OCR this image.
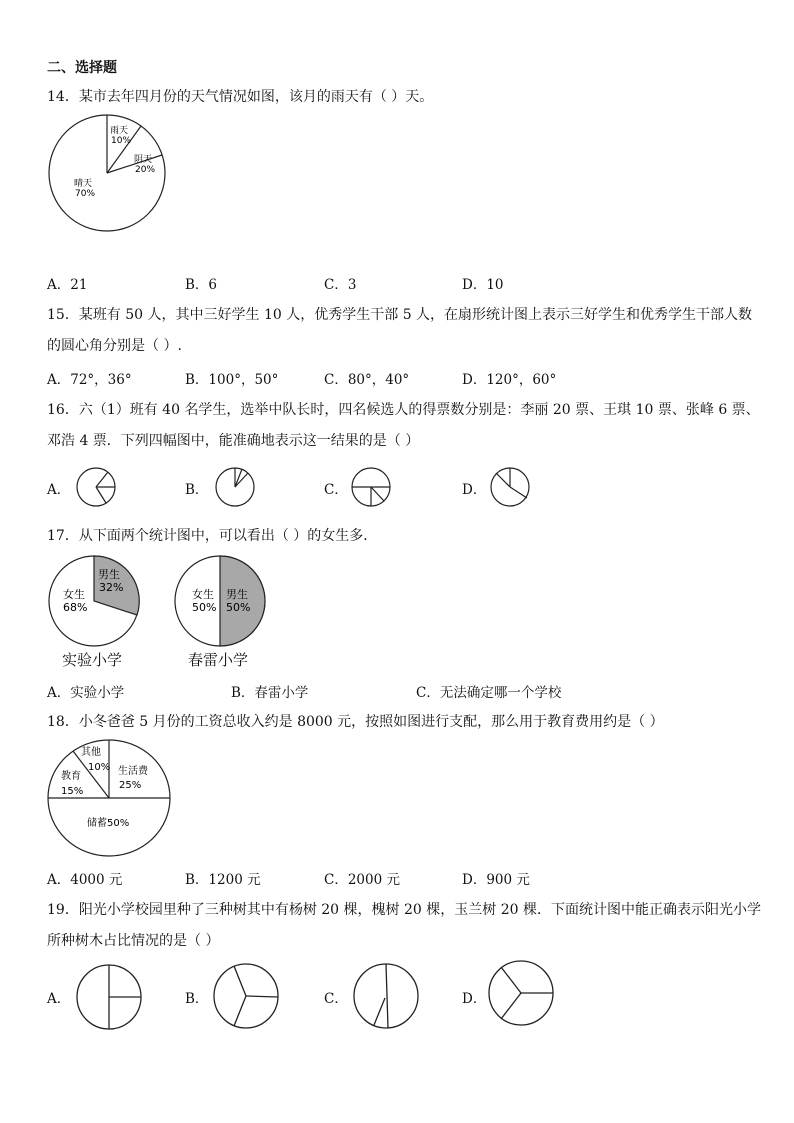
二、选择题
14．某市去年四月份的天气情况如图，该月的雨天有（ ）天。
雨天
10%
阴天
20%
晴天
70%
A．21	B．6	C．3	D．10
15．某班有 50 人，其中三好学生 10 人，优秀学生干部 5 人，在扇形统计图上表示三好学生和优秀学生干部人数
的圆心角分别是（ ）.
A．72°，36°	B．100°，50°	C．80°，40°	D．120°，60°
16．六（1）班有 40 名学生，选举中队长时，四名候选人的得票数分别是：李丽 20 票、王琪 10 票、张峰 6 票、
邓浩 4 票．下列四幅图中，能准确地表示这一结果的是（ ）
A．	B．	C．	D．
17．从下面两个统计图中，可以看出（ ）的女生多．
男生
32%
女生
68%
实验小学
女生
50%
男生
50%
春雷小学
A．实验小学	B．春雷小学	C．无法确定哪一个学校
18．小冬爸爸 5 月份的工资总收入约是 8000 元，按照如图进行支配，那么用于教育费用约是（ ）
其他
10%
教育
15%
生活费
25%
储蓄50%
A．4000 元	B．1200 元	C．2000 元	D．900 元
19．阳光小学校园里种了三种树其中有杨树 20 棵，槐树 20 棵，玉兰树 20 棵．下面统计图中能正确表示阳光小学
所种树木占比情况的是（ ）
A．	B．	C．	D．
